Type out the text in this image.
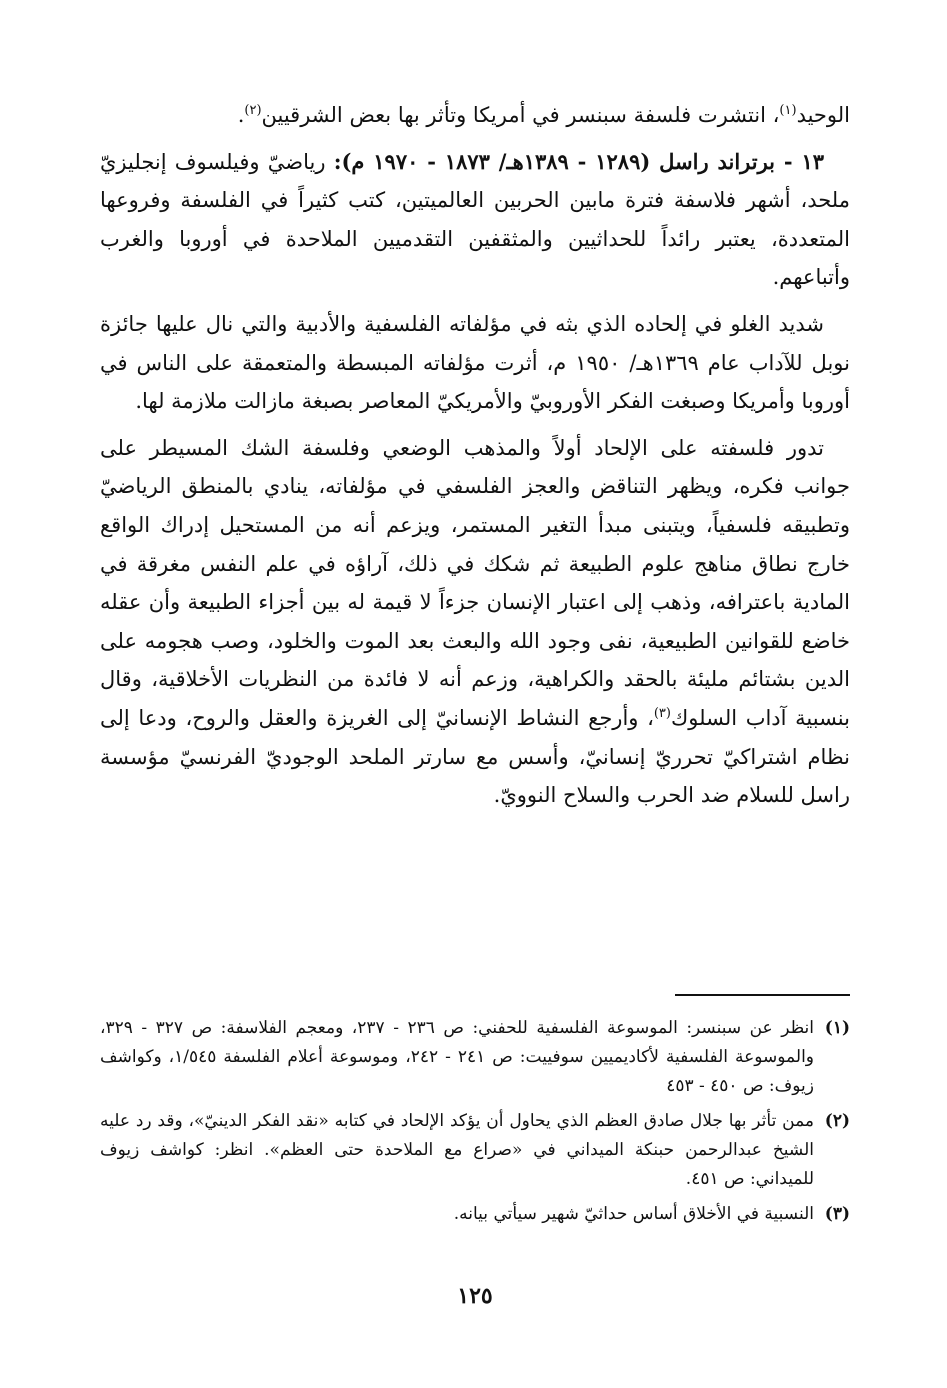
الوحيد$^{(١)}$، انتشرت فلسفة سبنسر في أمريكا وتأثر بها بعض الشرقيين$^{(٢)}$.

١٣ - برتراند راسل (١٢٨٩ - ١٣٨٩هـ/ ١٨٧٣ - ١٩٧٠ م): رياضيّ وفيلسوف إنجليزيّ ملحد، أشهر فلاسفة فترة مابين الحربين العالميتين، كتب كثيراً في الفلسفة وفروعها المتعددة، يعتبر رائداً للحداثيين والمثقفين التقدميين الملاحدة في أوروبا والغرب وأتباعهم.

شديد الغلو في إلحاده الذي بثه في مؤلفاته الفلسفية والأدبية والتي نال عليها جائزة نوبل للآداب عام ١٣٦٩هـ/ ١٩٥٠ م، أثرت مؤلفاته المبسطة والمتعمقة على الناس في أوروبا وأمريكا وصبغت الفكر الأوروبيّ والأمريكيّ المعاصر بصبغة مازالت ملازمة لها.

تدور فلسفته على الإلحاد أولاً والمذهب الوضعي وفلسفة الشك المسيطر على جوانب فكره، ويظهر التناقض والعجز الفلسفي في مؤلفاته، ينادي بالمنطق الرياضيّ وتطبيقه فلسفياً، ويتبنى مبدأ التغير المستمر، ويزعم أنه من المستحيل إدراك الواقع خارج نطاق مناهج علوم الطبيعة ثم شكك في ذلك، آراؤه في علم النفس مغرقة في المادية باعترافه، وذهب إلى اعتبار الإنسان جزءاً لا قيمة له بين أجزاء الطبيعة وأن عقله خاضع للقوانين الطبيعية، نفى وجود الله والبعث بعد الموت والخلود، وصب هجومه على الدين بشتائم مليئة بالحقد والكراهية، وزعم أنه لا فائدة من النظريات الأخلاقية، وقال بنسبية آداب السلوك$^{(٣)}$، وأرجع النشاط الإنسانيّ إلى الغريزة والعقل والروح، ودعا إلى نظام اشتراكيّ تحرريّ إنسانيّ، وأسس مع سارتر الملحد الوجوديّ الفرنسيّ مؤسسة راسل للسلام ضد الحرب والسلاح النوويّ.

(١)
انظر عن سبنسر: الموسوعة الفلسفية للحفني: ص ٢٣٦ - ٢٣٧، ومعجم الفلاسفة: ص ٣٢٧ - ٣٢٩، والموسوعة الفلسفية لأكاديميين سوفييت: ص ٢٤١ - ٢٤٢، وموسوعة أعلام الفلسفة ١/٥٤٥، وكواشف زيوف: ص ٤٥٠ - ٤٥٣
(٢)
ممن تأثر بها جلال صادق العظم الذي يحاول أن يؤكد الإلحاد في كتابه «نقد الفكر الدينيّ»، وقد رد عليه الشيخ عبدالرحمن حبنكة الميداني في «صراع مع الملاحدة حتى العظم». انظر: كواشف زيوف للميداني: ص ٤٥١.
(٣)
النسبية في الأخلاق أساس حداثيّ شهير سيأتي بيانه.
١٢٥
